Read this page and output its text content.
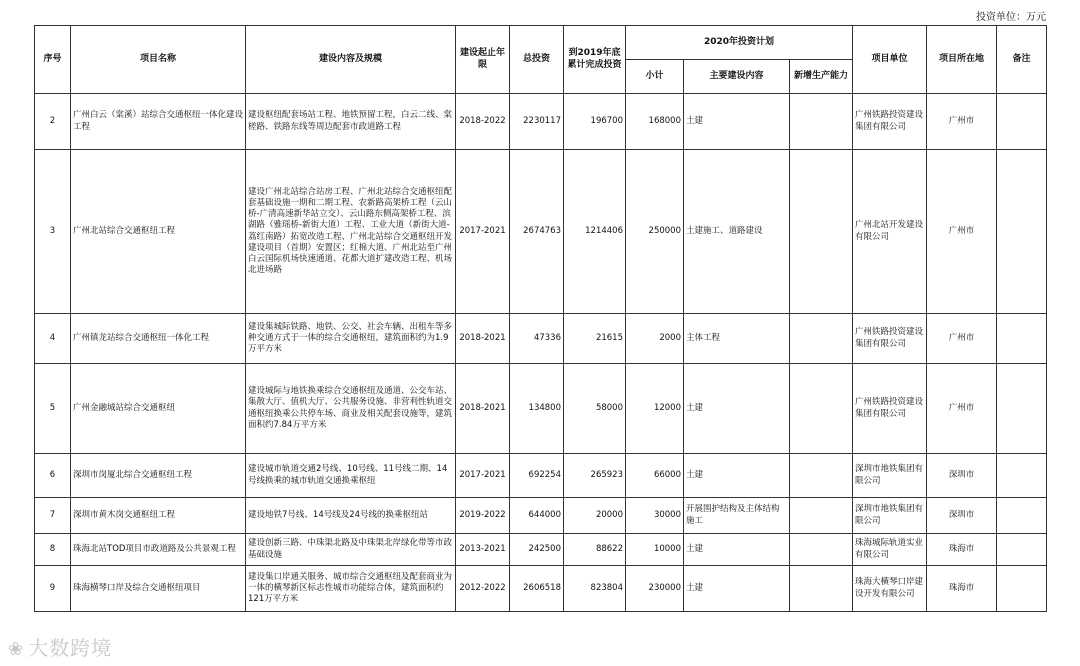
投资单位：万元
序号	项目名称	建设内容及规模	建设起止年限	总投资	到2019年底累计完成投资	2020年投资计划			项目单位	项目所在地	备注
						小计	主要建设内容	新增生产能力			
2	广州白云（棠溪）站综合交通枢纽一体化建设工程	建设枢纽配套场站工程、地铁预留工程，白云二线、棠槎路、铁路东线等周边配套市政道路工程	2018-2022	2230117	196700	168000	土建		广州铁路投资建设集团有限公司	广州市	
3	广州北站综合交通枢纽工程	建设广州北站综合站房工程、广州北站综合交通枢纽配套基础设施一期和二期工程、农新路高架桥工程（云山桥-广清高速新华站立交）、云山路东侧高架桥工程、滨湖路（雅瑶桥-新街大道）工程、工业大道（新街大道-荔红南路）拓宽改造工程、广州北站综合交通枢纽开发建设项目（首期）安置区；红棉大道、广州北站至广州白云国际机场快速通道、花都大道扩建改造工程、机场北进场路	2017-2021	2674763	1214406	250000	土建施工、道路建设		广州北站开发建设有限公司	广州市	
4	广州镇龙站综合交通枢纽一体化工程	建设集城际铁路、地铁、公交、社会车辆、出租车等多种交通方式于一体的综合交通枢纽，建筑面积约为1.9万平方米	2018-2021	47336	21615	2000	主体工程		广州铁路投资建设集团有限公司	广州市	
5	广州金融城站综合交通枢纽	建设城际与地铁换乘综合交通枢纽及通道、公交车站、集散大厅、值机大厅、公共服务设施、非营利性轨道交通枢纽换乘公共停车场、商业及相关配套设施等，建筑面积约7.84万平方米	2018-2021	134800	58000	12000	土建		广州铁路投资建设集团有限公司	广州市	
6	深圳市岗厦北综合交通枢纽工程	建设城市轨道交通2号线、10号线、11号线二期、14号线换乘的城市轨道交通换乘枢纽	2017-2021	692254	265923	66000	土建		深圳市地铁集团有限公司	深圳市	
7	深圳市黄木岗交通枢纽工程	建设地铁7号线、14号线及24号线的换乘枢纽站	2019-2022	644000	20000	30000	开展围护结构及主体结构施工		深圳市地铁集团有限公司	深圳市	
8	珠海北站TOD项目市政道路及公共景观工程	建设创新三路、中珠渠北路及中珠渠北岸绿化带等市政基础设施	2013-2021	242500	88622	10000	土建		珠海城际轨道实业有限公司	珠海市	
9	珠海横琴口岸及综合交通枢纽项目	建设集口岸通关服务、城市综合交通枢纽及配套商业为一体的横琴新区标志性城市功能综合体，建筑面积约121万平方米	2012-2022	2606518	823804	230000	土建		珠海大横琴口岸建设开发有限公司	珠海市	
❀ 大数跨境
